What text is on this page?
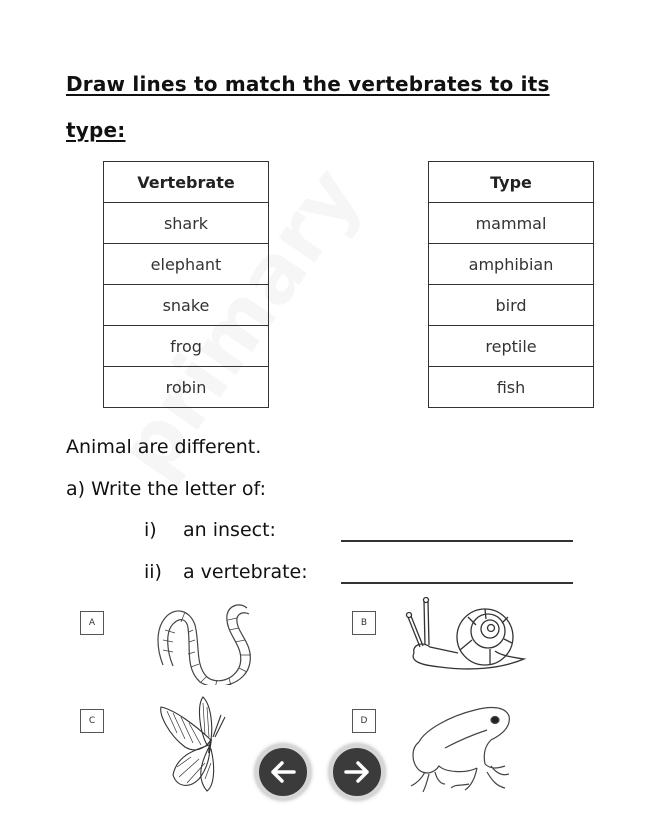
Draw lines to match the vertebrates to its
type:
Vertebrate
shark
elephant
snake
frog
robin
Type
mammal
amphibian
bird
reptile
fish
Animal are different.
a) Write the letter of:
i) an insect:
ii) a vertebrate:
A	B
C	D
